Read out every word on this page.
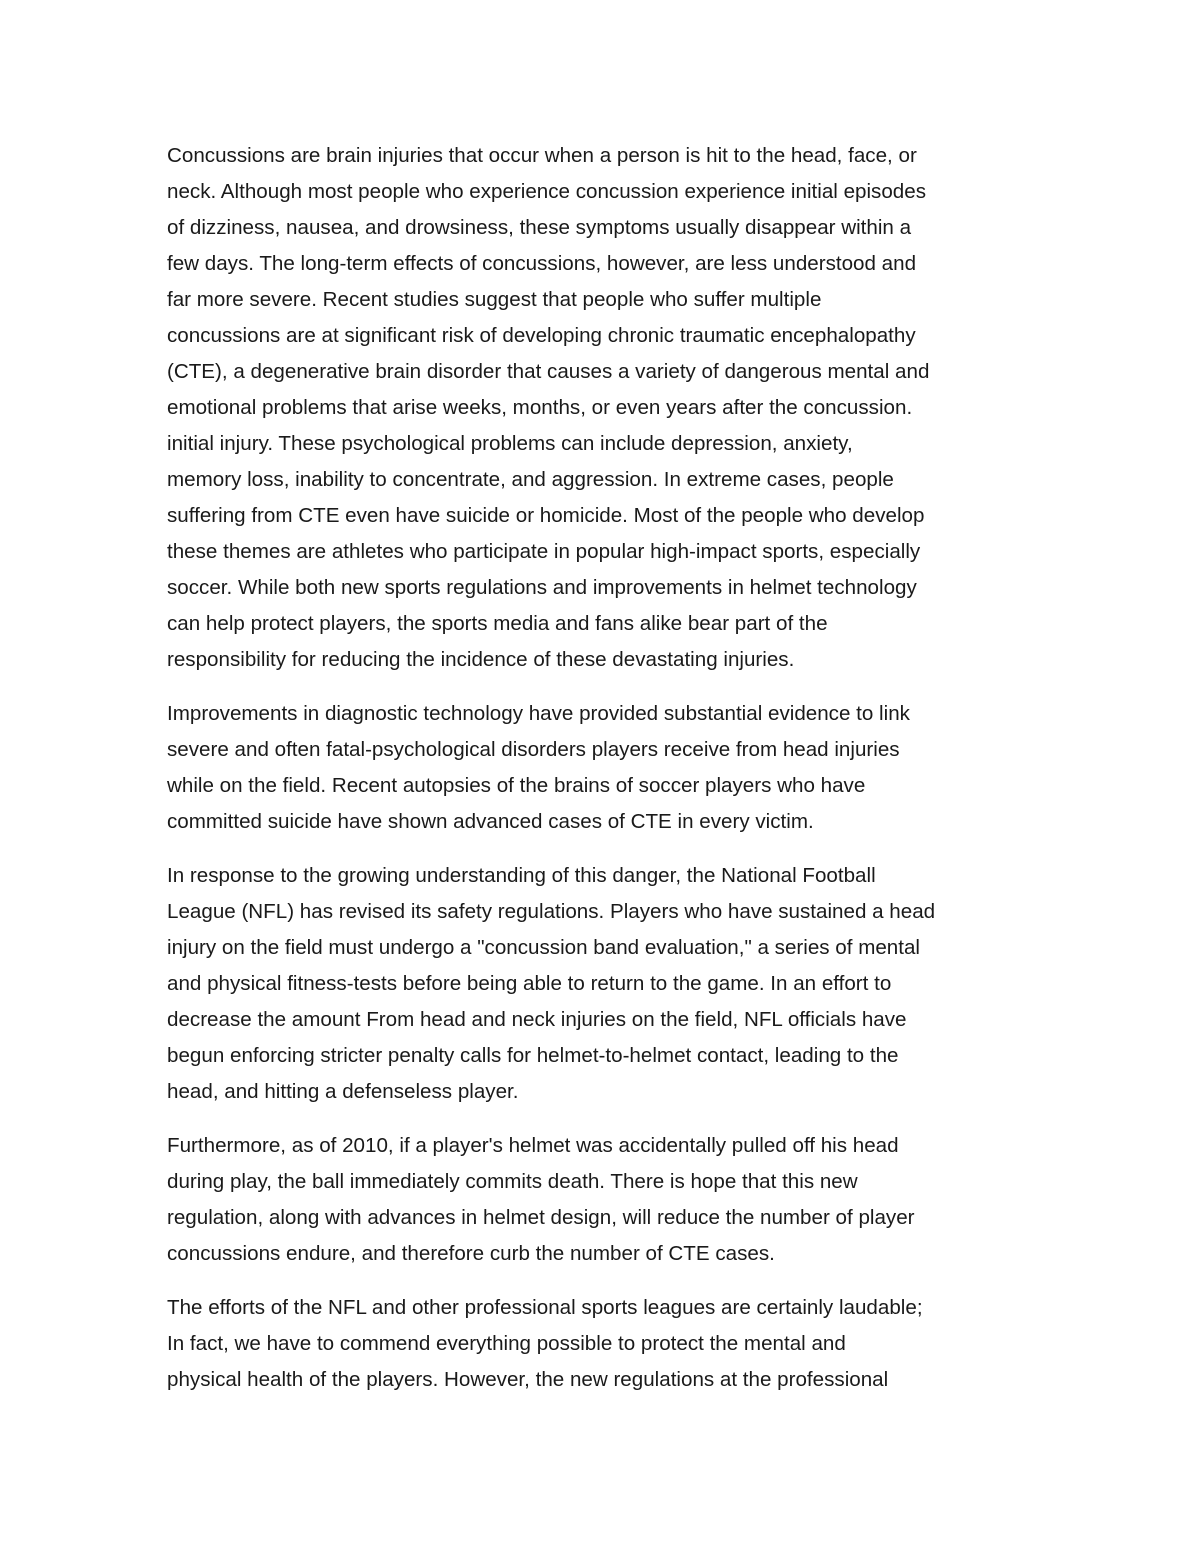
Concussions are brain injuries that occur when a person is hit to the head, face, or
neck. Although most people who experience concussion experience initial episodes
of dizziness, nausea, and drowsiness, these symptoms usually disappear within a
few days. The long-term effects of concussions, however, are less understood and
far more severe. Recent studies suggest that people who suffer multiple
concussions are at significant risk of developing chronic traumatic encephalopathy
(CTE), a degenerative brain disorder that causes a variety of dangerous mental and
emotional problems that arise weeks, months, or even years after the concussion.
initial injury. These psychological problems can include depression, anxiety,
memory loss, inability to concentrate, and aggression. In extreme cases, people
suffering from CTE even have suicide or homicide. Most of the people who develop
these themes are athletes who participate in popular high-impact sports, especially
soccer. While both new sports regulations and improvements in helmet technology
can help protect players, the sports media and fans alike bear part of the
responsibility for reducing the incidence of these devastating injuries.
Improvements in diagnostic technology have provided substantial evidence to link
severe and often fatal-psychological disorders players receive from head injuries
while on the field. Recent autopsies of the brains of soccer players who have
committed suicide have shown advanced cases of CTE in every victim.
In response to the growing understanding of this danger, the National Football
League (NFL) has revised its safety regulations. Players who have sustained a head
injury on the field must undergo a "concussion band evaluation," a series of mental
and physical fitness-tests before being able to return to the game. In an effort to
decrease the amount From head and neck injuries on the field, NFL officials have
begun enforcing stricter penalty calls for helmet-to-helmet contact, leading to the
head, and hitting a defenseless player.
Furthermore, as of 2010, if a player's helmet was accidentally pulled off his head
during play, the ball immediately commits death. There is hope that this new
regulation, along with advances in helmet design, will reduce the number of player
concussions endure, and therefore curb the number of CTE cases.
The efforts of the NFL and other professional sports leagues are certainly laudable;
In fact, we have to commend everything possible to protect the mental and
physical health of the players. However, the new regulations at the professional
